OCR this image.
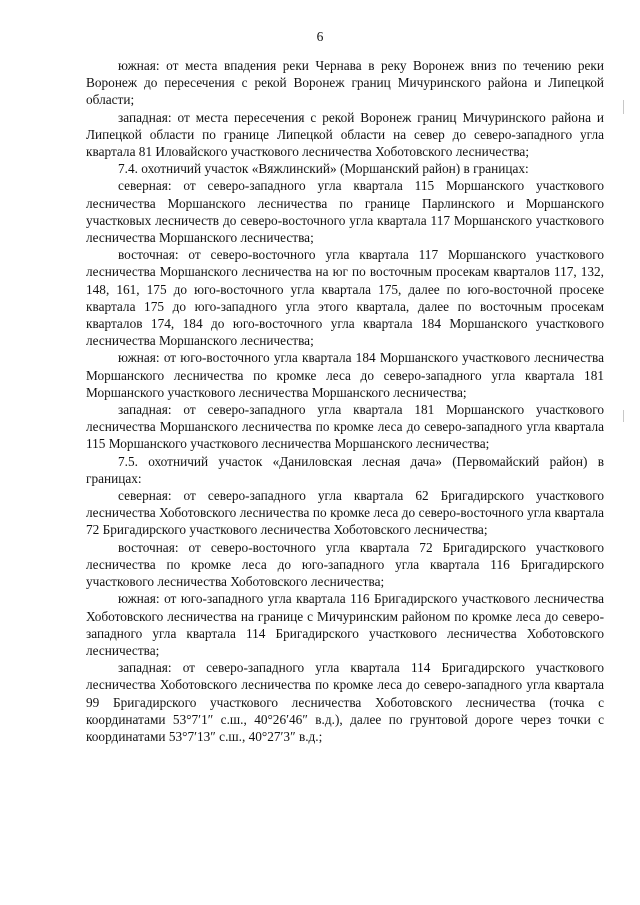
6

южная: от места впадения реки Чернава в реку Воронеж вниз по течению реки Воронеж до пересечения с рекой Воронеж границ Мичуринского района и Липецкой области;

западная: от места пересечения с рекой Воронеж границ Мичуринского района и Липецкой области по границе Липецкой области на север до северо-западного угла квартала 81 Иловайского участкового лесничества Хоботовского лесничества;

7.4. охотничий участок «Вяжлинский» (Моршанский район) в границах:

северная: от северо-западного угла квартала 115 Моршанского участкового лесничества Моршанского лесничества по границе Парлинского и Моршанского участковых лесничеств до северо-восточного угла квартала 117 Моршанского участкового лесничества Моршанского лесничества;

восточная: от северо-восточного угла квартала 117 Моршанского участкового лесничества Моршанского лесничества на юг по восточным просекам кварталов 117, 132, 148, 161, 175 до юго-восточного угла квартала 175, далее по юго-восточной просеке квартала 175 до юго-западного угла этого квартала, далее по восточным просекам кварталов 174, 184 до юго-восточного угла квартала 184 Моршанского участкового лесничества Моршанского лесничества;

южная: от юго-восточного угла квартала 184 Моршанского участкового лесничества Моршанского лесничества по кромке леса до северо-западного угла квартала 181 Моршанского участкового лесничества Моршанского лесничества;

западная: от северо-западного угла квартала 181 Моршанского участкового лесничества Моршанского лесничества по кромке леса до северо-западного угла квартала 115 Моршанского участкового лесничества Моршанского лесничества;

7.5. охотничий участок «Даниловская лесная дача» (Первомайский район) в границах:

северная: от северо-западного угла квартала 62 Бригадирского участкового лесничества Хоботовского лесничества по кромке леса до северо-восточного угла квартала 72 Бригадирского участкового лесничества Хоботовского лесничества;

восточная: от северо-восточного угла квартала 72 Бригадирского участкового лесничества по кромке леса до юго-западного угла квартала 116 Бригадирского участкового лесничества Хоботовского лесничества;

южная: от юго-западного угла квартала 116 Бригадирского участкового лесничества Хоботовского лесничества на границе с Мичуринским районом по кромке леса до северо-западного угла квартала 114 Бригадирского участкового лесничества Хоботовского лесничества;

западная: от северо-западного угла квартала 114 Бригадирского участкового лесничества Хоботовского лесничества по кромке леса до северо-западного угла квартала 99 Бригадирского участкового лесничества Хоботовского лесничества (точка с координатами 53°7′1″ с.ш., 40°26′46″ в.д.), далее по грунтовой дороге через точки с координатами 53°7′13″ с.ш., 40°27′3″ в.д.;
